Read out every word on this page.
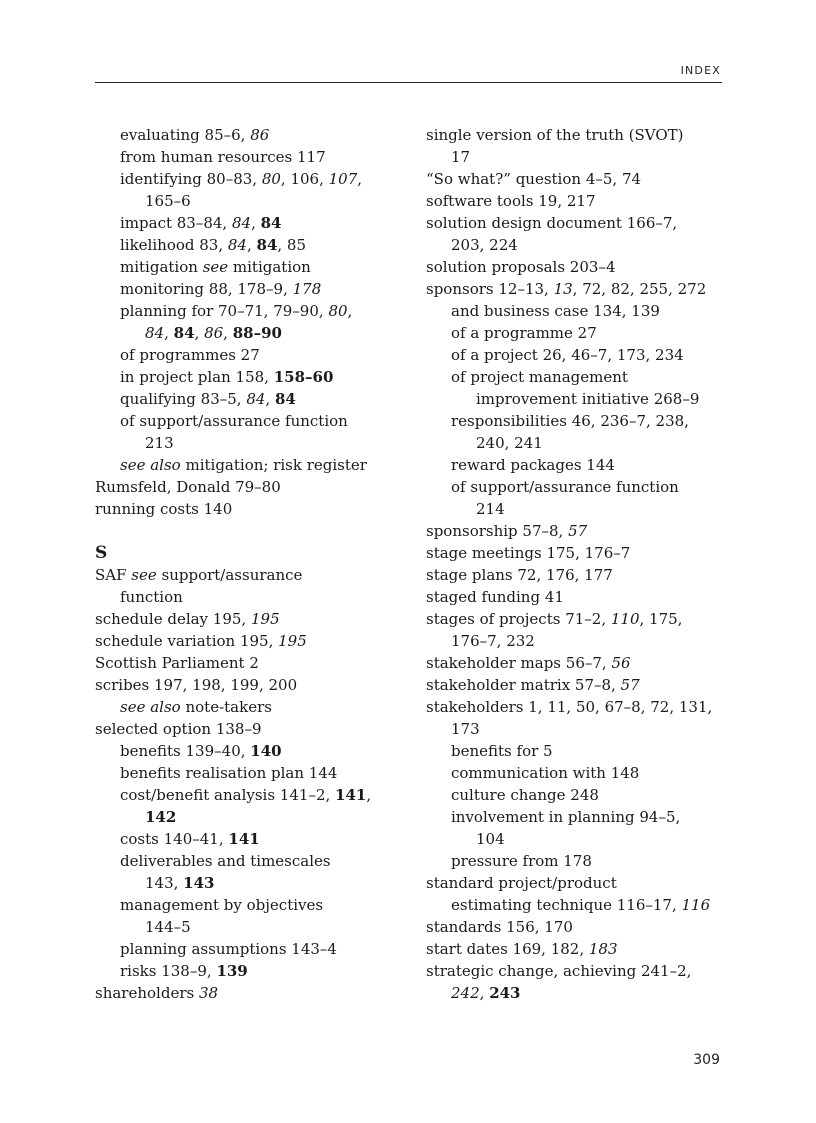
INDEX
evaluating 85–6, 86
from human resources 117
identifying 80–83, 80, 106, 107,
165–6
impact 83–84, 84, 84
likelihood 83, 84, 84, 85
mitigation see mitigation
monitoring 88, 178–9, 178
planning for 70–71, 79–90, 80,
84, 84, 86, 88–90
of programmes 27
in project plan 158, 158–60
qualifying 83–5, 84, 84
of support/assurance function
213
see also mitigation; risk register
Rumsfeld, Donald 79–80
running costs 140
S
SAF see support/assurance
function
schedule delay 195, 195
schedule variation 195, 195
Scottish Parliament 2
scribes 197, 198, 199, 200
see also note-takers
selected option 138–9
benefits 139–40, 140
benefits realisation plan 144
cost/benefit analysis 141–2, 141,
142
costs 140–41, 141
deliverables and timescales
143, 143
management by objectives
144–5
planning assumptions 143–4
risks 138–9, 139
shareholders 38
single version of the truth (SVOT)
17
“So what?” question 4–5, 74
software tools 19, 217
solution design document 166–7,
203, 224
solution proposals 203–4
sponsors 12–13, 13, 72, 82, 255, 272
and business case 134, 139
of a programme 27
of a project 26, 46–7, 173, 234
of project management
improvement initiative 268–9
responsibilities 46, 236–7, 238,
240, 241
reward packages 144
of support/assurance function
214
sponsorship 57–8, 57
stage meetings 175, 176–7
stage plans 72, 176, 177
staged funding 41
stages of projects 71–2, 110, 175,
176–7, 232
stakeholder maps 56–7, 56
stakeholder matrix 57–8, 57
stakeholders 1, 11, 50, 67–8, 72, 131,
173
benefits for 5
communication with 148
culture change 248
involvement in planning 94–5,
104
pressure from 178
standard project/product
estimating technique 116–17, 116
standards 156, 170
start dates 169, 182, 183
strategic change, achieving 241–2,
242, 243
309
